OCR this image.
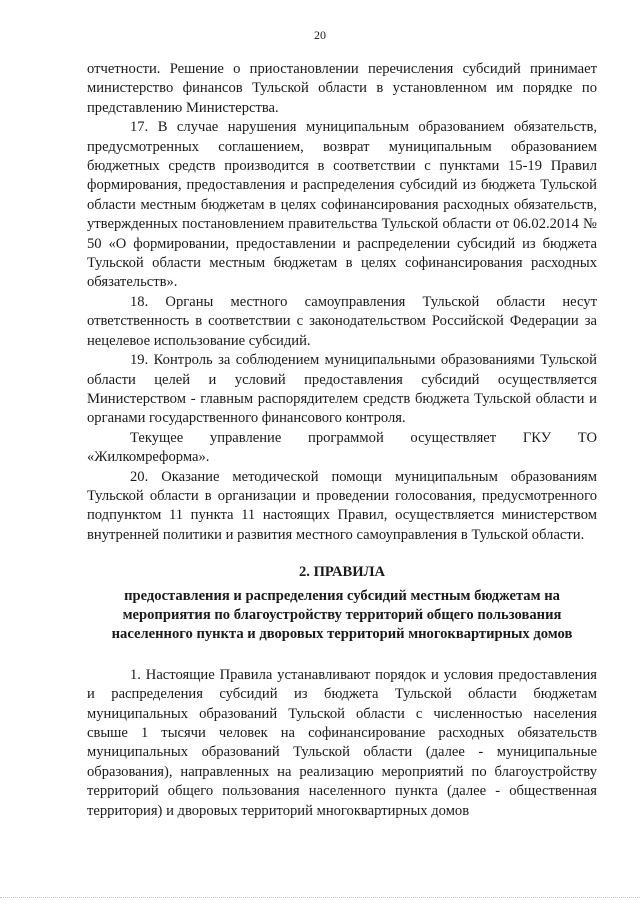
20

отчетности. Решение о приостановлении перечисления субсидий принимает министерство финансов Тульской области в установленном им порядке по представлению Министерства.

17. В случае нарушения муниципальным образованием обязательств, предусмотренных соглашением, возврат муниципальным образованием бюджетных средств производится в соответствии с пунктами 15-19 Правил формирования, предоставления и распределения субсидий из бюджета Тульской области местным бюджетам в целях софинансирования расходных обязательств, утвержденных постановлением правительства Тульской области от 06.02.2014 № 50 «О формировании, предоставлении и распределении субсидий из бюджета Тульской области местным бюджетам в целях софинансирования расходных обязательств».

18. Органы местного самоуправления Тульской области несут ответственность в соответствии с законодательством Российской Федерации за нецелевое использование субсидий.

19. Контроль за соблюдением муниципальными образованиями Тульской области целей и условий предоставления субсидий осуществляется Министерством - главным распорядителем средств бюджета Тульской области и органами государственного финансового контроля.

Текущее управление программой осуществляет ГКУ ТО «Жилкомреформа».

20. Оказание методической помощи муниципальным образованиям Тульской области в организации и проведении голосования, предусмотренного подпунктом 11 пункта 11 настоящих Правил, осуществляется министерством внутренней политики и развития местного самоуправления в Тульской области.

2. ПРАВИЛА
предоставления и распределения субсидий местным бюджетам на мероприятия по благоустройству территорий общего пользования населенного пункта и дворовых территорий многоквартирных домов

1. Настоящие Правила устанавливают порядок и условия предоставления и распределения субсидий из бюджета Тульской области бюджетам муниципальных образований Тульской области с численностью населения свыше 1 тысячи человек на софинансирование расходных обязательств муниципальных образований Тульской области (далее - муниципальные образования), направленных на реализацию мероприятий по благоустройству территорий общего пользования населенного пункта (далее - общественная территория) и дворовых территорий многоквартирных домов
